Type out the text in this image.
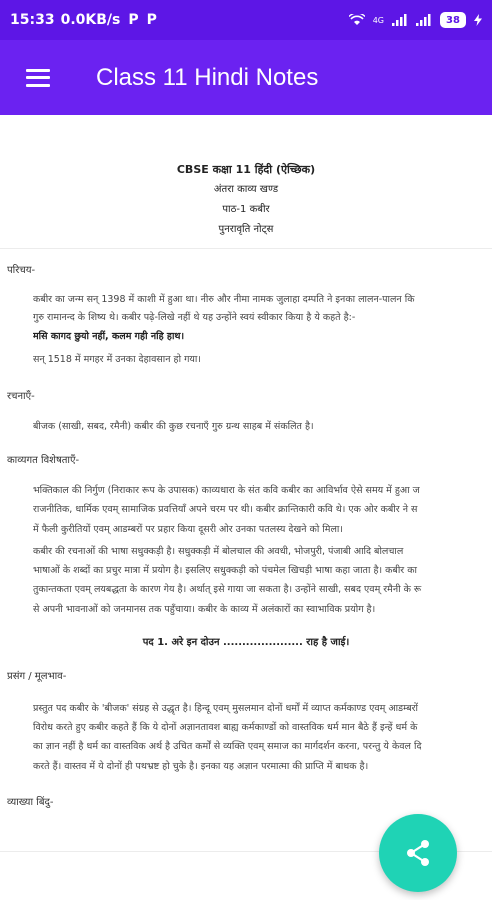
15:33 0.0KB/s P P	4G	38
Class 11 Hindi Notes
CBSE कक्षा 11 हिंदी (ऐच्छिक)
अंतरा काव्य खण्ड
पाठ-1 कबीर
पुनरावृति नोट्स
परिचय-
• कबीर का जन्म सन् 1398 में काशी में हुआ था। नीरु और नीमा नामक जुलाहा दम्पति ने इनका लालन-पालन कि
गुरु रामानन्द के शिष्य थे। कबीर पढ़े-लिखे नहीं थे यह उन्होंने स्वयं स्वीकार किया है ये कहते है:-
मसि कागद छुयो नहीं, कलम गही नहि हाथ।
सन् 1518 में मगहर में उनका देहावसान हो गया।
रचनाएँ-
• बीजक (साखी, सबद, रमैनी) कबीर की कुछ रचनाएँ गुरु ग्रन्थ साहब में संकलित है।
काव्यगत विशेषताएँ-
• भक्तिकाल की निर्गुण (निराकार रूप के उपासक) काव्यधारा के संत कवि कबीर का आविर्भाव ऐसे समय में हुआ ज
राजनीतिक, धार्मिक एवम् सामाजिक प्रवत्तियाँ अपने चरम पर थी। कबीर क्रान्तिकारी कवि थे। एक ओर कबीर ने स
में फैली कुरीतियों एवम् आडम्बरों पर प्रहार किया दूसरी ओर उनका पतलस्य देखने को मिला।
• कबीर की रचनाओं की भाषा सधुक्कड़ी है। सधुक्कड़ी में बोलचाल की अवधी, भोजपुरी, पंजाबी आदि बोलचाल
भाषाओं के शब्दों का प्रचुर मात्रा में प्रयोग है। इसलिए सधुक्कड़ी को पंचमेल खिचड़ी भाषा कहा जाता है। कबीर का
तुकान्तकता एवम् लयबद्धता के कारण गेय है। अर्थात् इसे गाया जा सकता है। उन्होंने साखी, सबद एवम् रमैनी के रू
से अपनी भावनाओं को जनमानस तक पहुँचाया। कबीर के काव्य में अलंकारों का स्वाभाविक प्रयोग है।
पद 1. अरे इन दोउन ..................... राह है जाई।
प्रसंग / मूलभाव-
• प्रस्तुत पद कबीर के 'बीजक' संग्रह से उद्धृत है। हिन्दू एवम् मुसलमान दोनों धर्मों में व्याप्त कर्मकाण्ड एवम् आडम्बरों
विरोध करते हुए कबीर कहते हैं कि ये दोनों अज्ञानतावश बाह्य कर्मकाण्डों को वास्तविक धर्म मान बैठे हैं इन्हें धर्म के
का ज्ञान नहीं है धर्म का वास्तविक अर्थ है उचित कर्मों से व्यक्ति एवम् समाज का मार्गदर्शन करना, परन्तु ये केवल दि
करते हैं। वास्तव में ये दोनों ही पथभ्रष्ट हो चुके है। इनका यह अज्ञान परमात्मा की प्राप्ति में बाधक है।
व्याख्या बिंदु-
